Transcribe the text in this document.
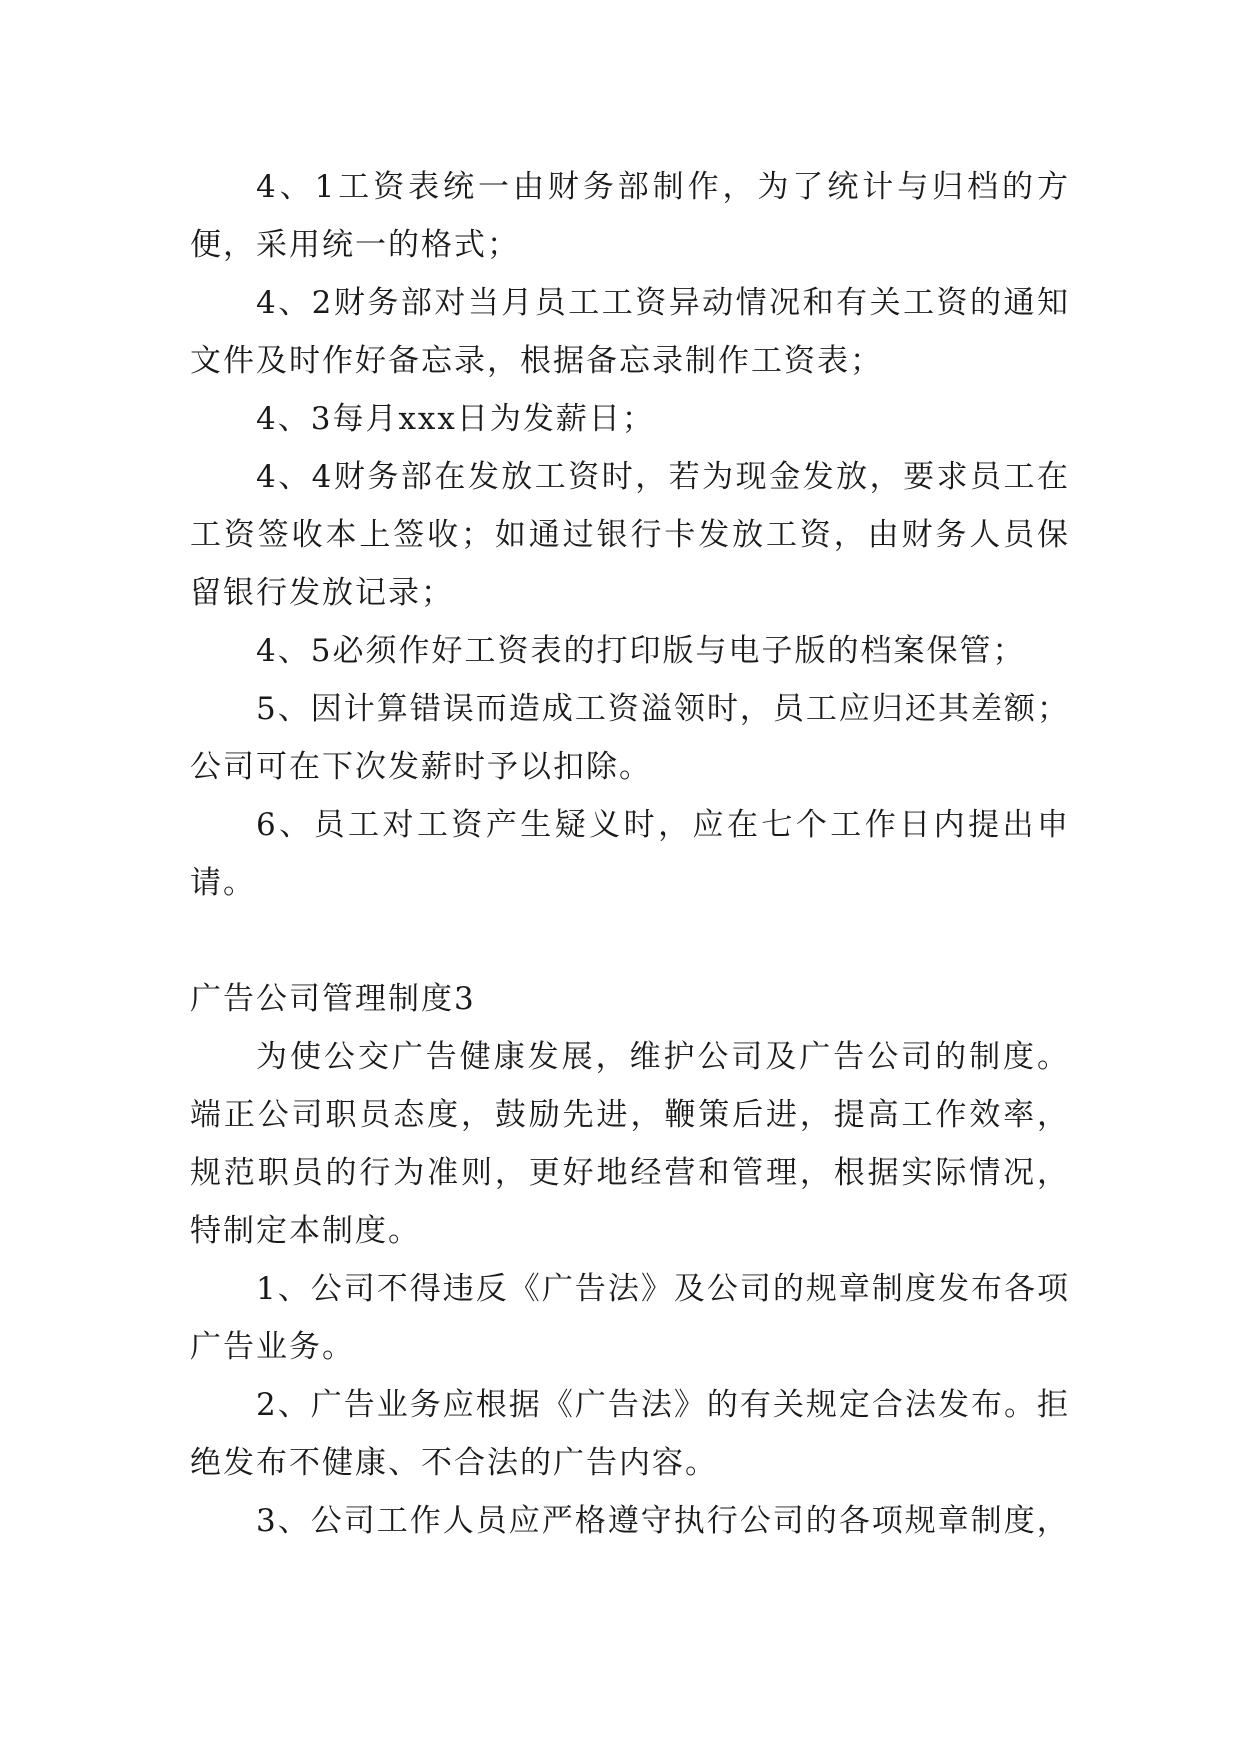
4、1工资表统一由财务部制作，为了统计与归档的方便，采用统一的格式；

4、2财务部对当月员工工资异动情况和有关工资的通知文件及时作好备忘录，根据备忘录制作工资表；

4、3每月xxx日为发薪日；

4、4财务部在发放工资时，若为现金发放，要求员工在工资签收本上签收；如通过银行卡发放工资，由财务人员保留银行发放记录；

4、5必须作好工资表的打印版与电子版的档案保管；

5、因计算错误而造成工资溢领时，员工应归还其差额；公司可在下次发薪时予以扣除。

6、员工对工资产生疑义时，应在七个工作日内提出申请。

广告公司管理制度3

为使公交广告健康发展，维护公司及广告公司的制度。端正公司职员态度，鼓励先进，鞭策后进，提高工作效率，规范职员的行为准则，更好地经营和管理，根据实际情况，特制定本制度。

1、公司不得违反《广告法》及公司的规章制度发布各项广告业务。

2、广告业务应根据《广告法》的有关规定合法发布。拒绝发布不健康、不合法的广告内容。

3、公司工作人员应严格遵守执行公司的各项规章制度，
